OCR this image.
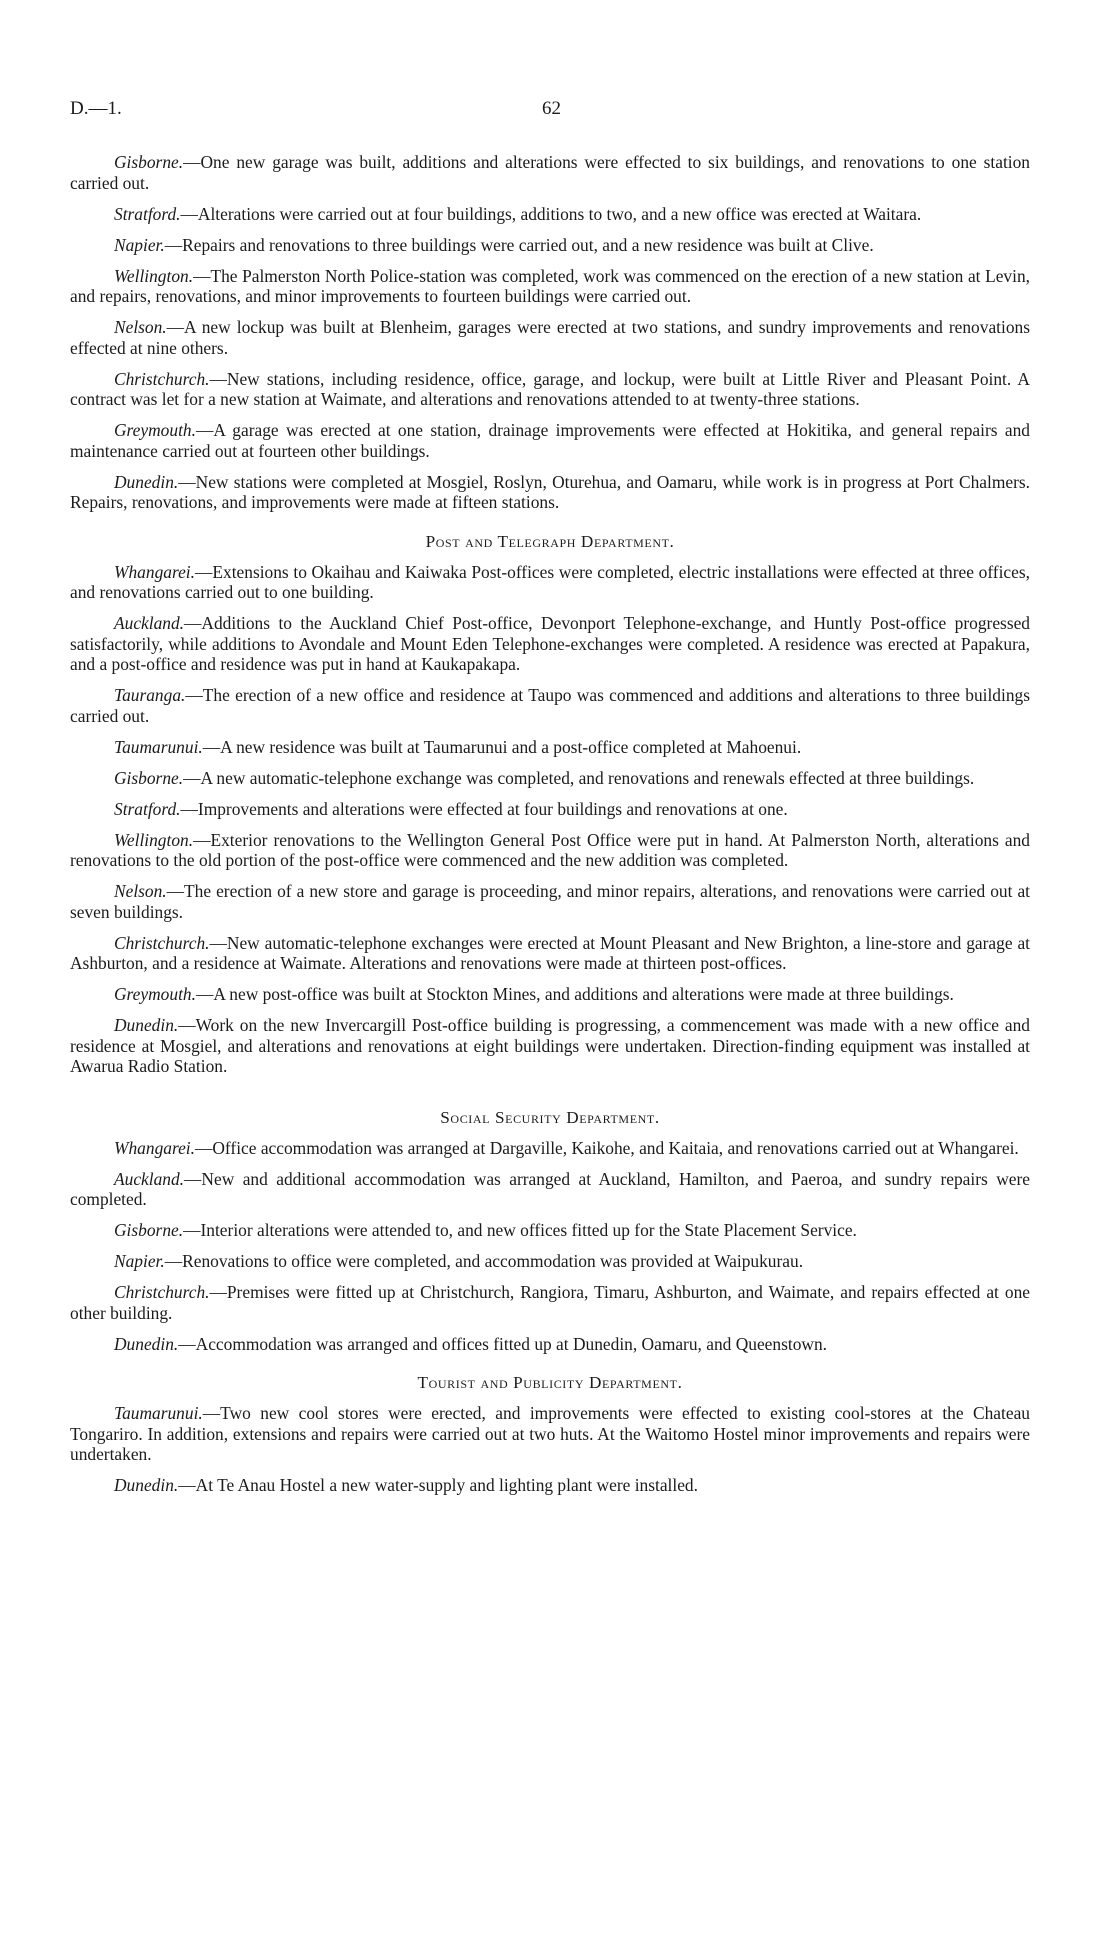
D.—1.	62

Gisborne.—One new garage was built, additions and alterations were effected to six buildings, and renovations to one station carried out.

Stratford.—Alterations were carried out at four buildings, additions to two, and a new office was erected at Waitara.

Napier.—Repairs and renovations to three buildings were carried out, and a new residence was built at Clive.

Wellington.—The Palmerston North Police-station was completed, work was commenced on the erection of a new station at Levin, and repairs, renovations, and minor improvements to fourteen buildings were carried out.

Nelson.—A new lockup was built at Blenheim, garages were erected at two stations, and sundry improvements and renovations effected at nine others.

Christchurch.—New stations, including residence, office, garage, and lockup, were built at Little River and Pleasant Point. A contract was let for a new station at Waimate, and alterations and renovations attended to at twenty-three stations.

Greymouth.—A garage was erected at one station, drainage improvements were effected at Hokitika, and general repairs and maintenance carried out at fourteen other buildings.

Dunedin.—New stations were completed at Mosgiel, Roslyn, Oturehua, and Oamaru, while work is in progress at Port Chalmers. Repairs, renovations, and improvements were made at fifteen stations.

Post and Telegraph Department.

Whangarei.—Extensions to Okaihau and Kaiwaka Post-offices were completed, electric installations were effected at three offices, and renovations carried out to one building.

Auckland.—Additions to the Auckland Chief Post-office, Devonport Telephone-exchange, and Huntly Post-office progressed satisfactorily, while additions to Avondale and Mount Eden Telephone-exchanges were completed. A residence was erected at Papakura, and a post-office and residence was put in hand at Kaukapakapa.

Tauranga.—The erection of a new office and residence at Taupo was commenced and additions and alterations to three buildings carried out.

Taumarunui.—A new residence was built at Taumarunui and a post-office completed at Mahoenui.

Gisborne.—A new automatic-telephone exchange was completed, and renovations and renewals effected at three buildings.

Stratford.—Improvements and alterations were effected at four buildings and renovations at one.

Wellington.—Exterior renovations to the Wellington General Post Office were put in hand. At Palmerston North, alterations and renovations to the old portion of the post-office were commenced and the new addition was completed.

Nelson.—The erection of a new store and garage is proceeding, and minor repairs, alterations, and renovations were carried out at seven buildings.

Christchurch.—New automatic-telephone exchanges were erected at Mount Pleasant and New Brighton, a line-store and garage at Ashburton, and a residence at Waimate. Alterations and renovations were made at thirteen post-offices.

Greymouth.—A new post-office was built at Stockton Mines, and additions and alterations were made at three buildings.

Dunedin.—Work on the new Invercargill Post-office building is progressing, a commencement was made with a new office and residence at Mosgiel, and alterations and renovations at eight buildings were undertaken. Direction-finding equipment was installed at Awarua Radio Station.

Social Security Department.

Whangarei.—Office accommodation was arranged at Dargaville, Kaikohe, and Kaitaia, and renovations carried out at Whangarei.

Auckland.—New and additional accommodation was arranged at Auckland, Hamilton, and Paeroa, and sundry repairs were completed.

Gisborne.—Interior alterations were attended to, and new offices fitted up for the State Placement Service.

Napier.—Renovations to office were completed, and accommodation was provided at Waipukurau.

Christchurch.—Premises were fitted up at Christchurch, Rangiora, Timaru, Ashburton, and Waimate, and repairs effected at one other building.

Dunedin.—Accommodation was arranged and offices fitted up at Dunedin, Oamaru, and Queenstown.

Tourist and Publicity Department.

Taumarunui.—Two new cool stores were erected, and improvements were effected to existing cool-stores at the Chateau Tongariro. In addition, extensions and repairs were carried out at two huts. At the Waitomo Hostel minor improvements and repairs were undertaken.

Dunedin.—At Te Anau Hostel a new water-supply and lighting plant were installed.
